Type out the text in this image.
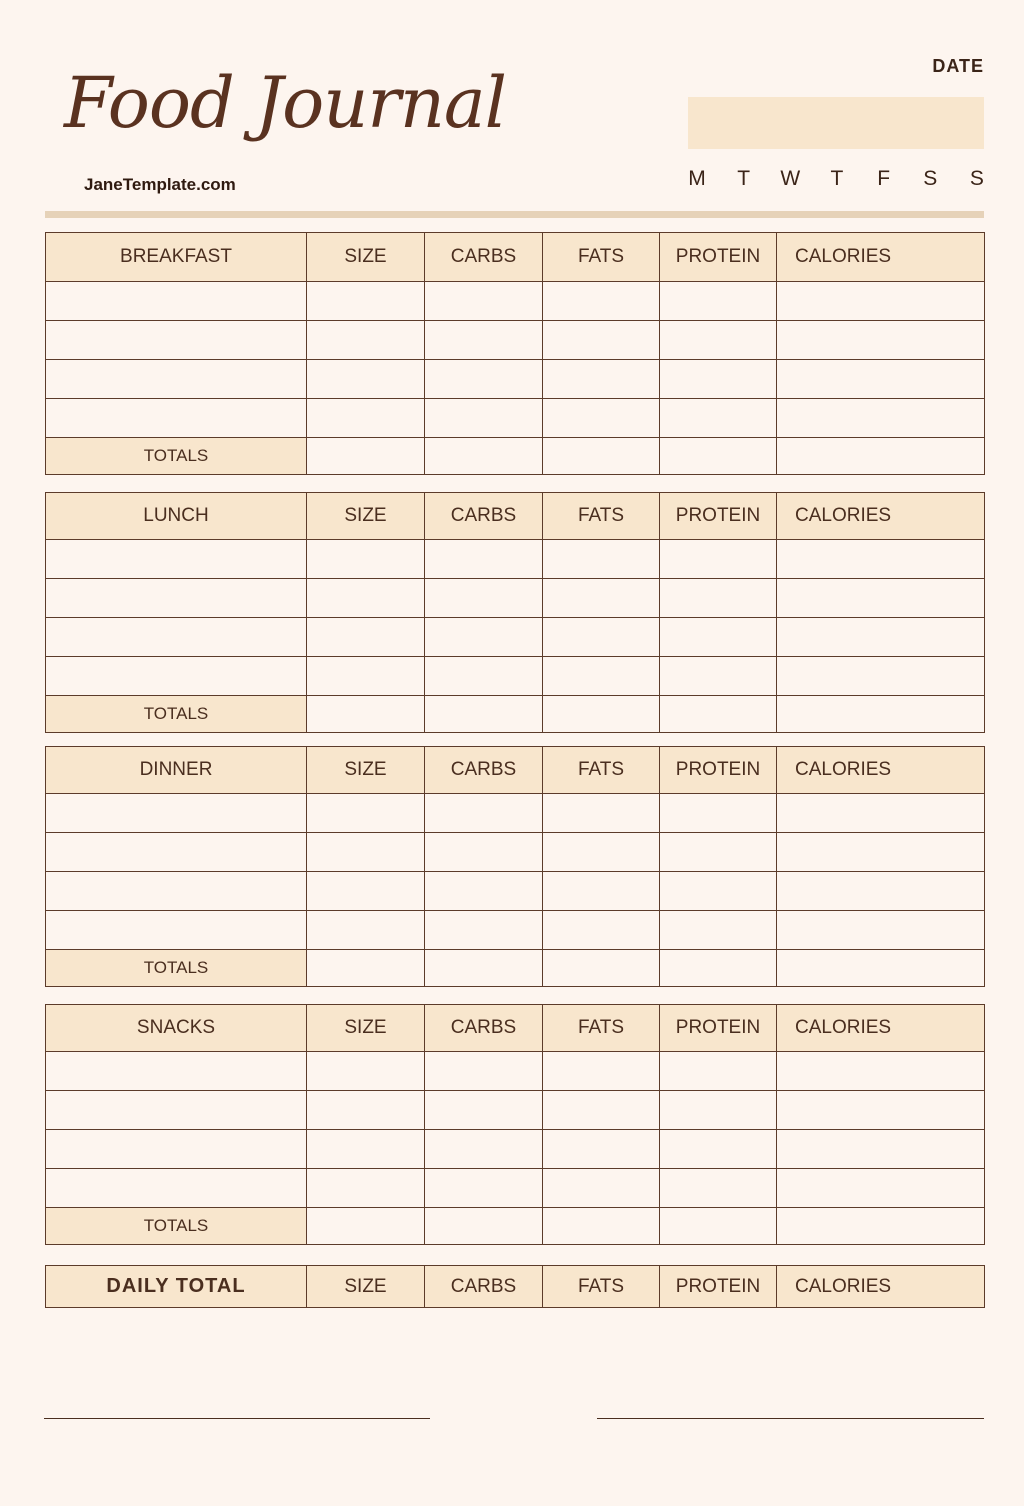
Food Journal
JaneTemplate.com
DATE
M	T	W	T	F	S S
BREAKFAST	SIZE	CARBS	FATS	PROTEIN	CALORIES

TOTALS					
LUNCH	SIZE	CARBS	FATS	PROTEIN	CALORIES

TOTALS					
DINNER	SIZE	CARBS	FATS	PROTEIN	CALORIES

TOTALS					
SNACKS	SIZE	CARBS	FATS	PROTEIN	CALORIES

TOTALS					
DAILY TOTAL	SIZE	CARBS	FATS	PROTEIN	CALORIES
